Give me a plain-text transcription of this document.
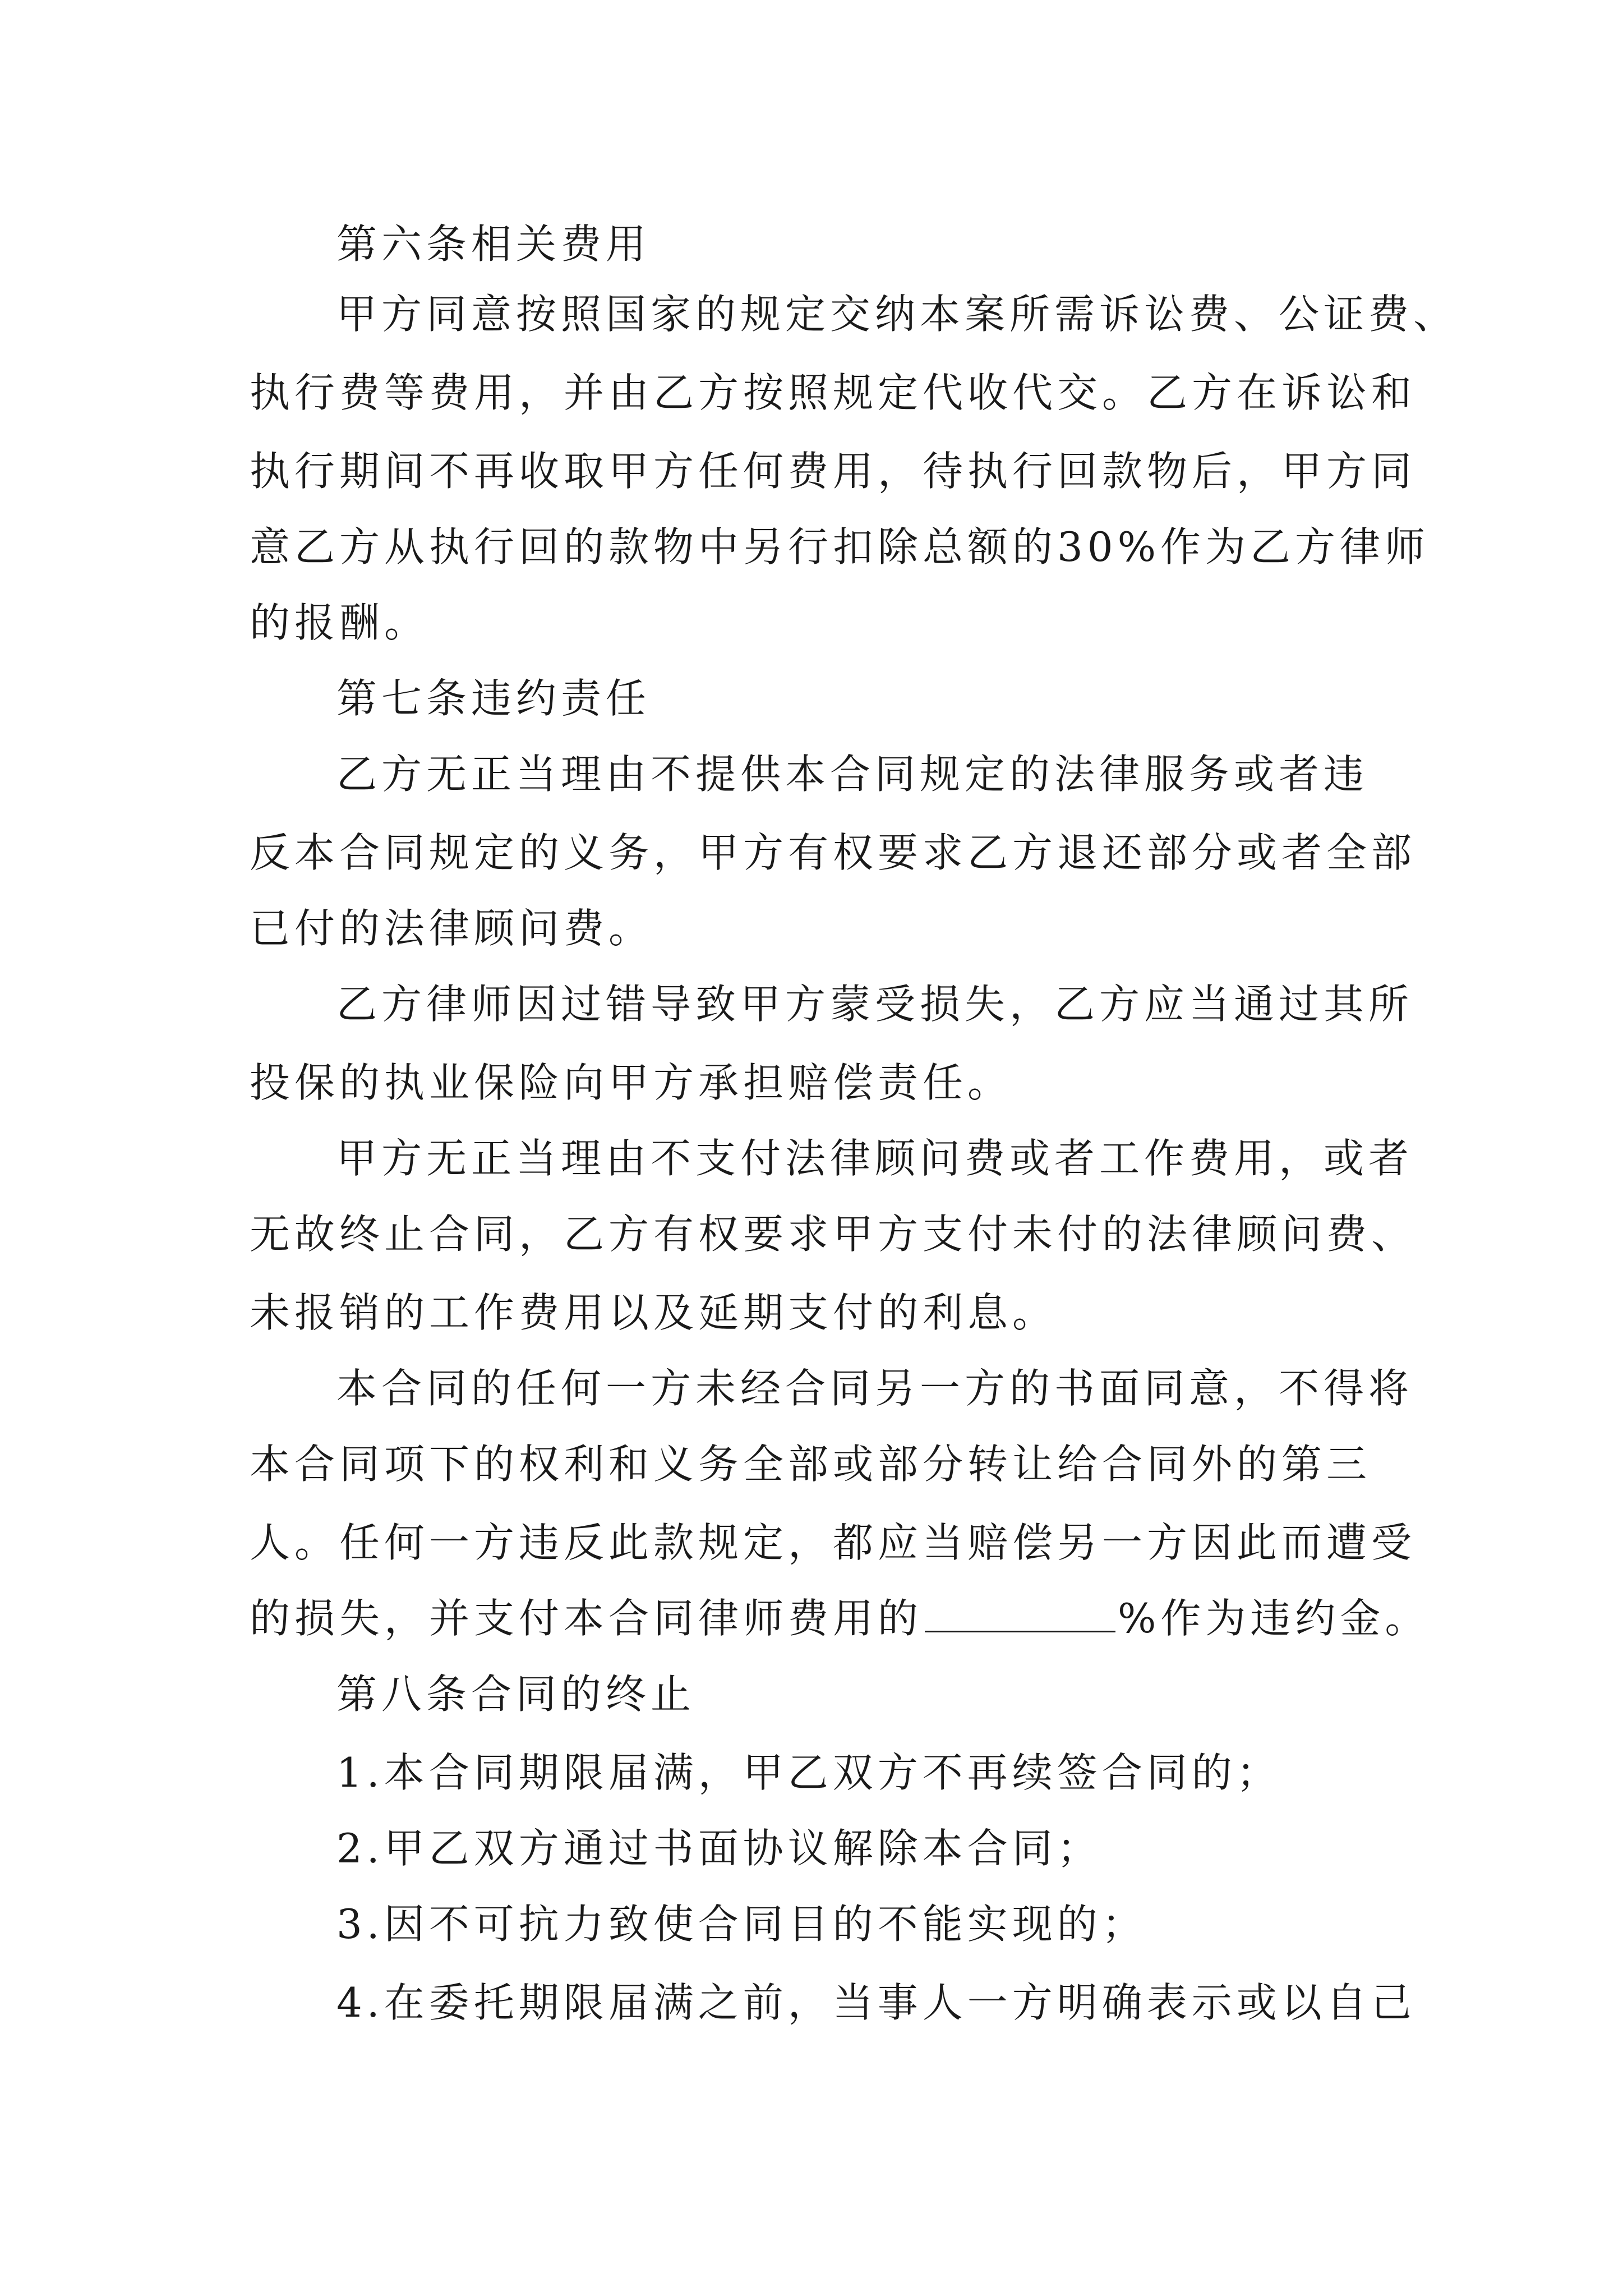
第六条相关费用
甲方同意按照国家的规定交纳本案所需诉讼费、公证费、
执行费等费用，并由乙方按照规定代收代交。乙方在诉讼和
执行期间不再收取甲方任何费用，待执行回款物后，甲方同
意乙方从执行回的款物中另行扣除总额的30%作为乙方律师
的报酬。
第七条违约责任
乙方无正当理由不提供本合同规定的法律服务或者违
反本合同规定的义务，甲方有权要求乙方退还部分或者全部
已付的法律顾问费。
乙方律师因过错导致甲方蒙受损失，乙方应当通过其所
投保的执业保险向甲方承担赔偿责任。
甲方无正当理由不支付法律顾问费或者工作费用，或者
无故终止合同，乙方有权要求甲方支付未付的法律顾问费、
未报销的工作费用以及延期支付的利息。
本合同的任何一方未经合同另一方的书面同意，不得将
本合同项下的权利和义务全部或部分转让给合同外的第三
人。任何一方违反此款规定，都应当赔偿另一方因此而遭受
的损失，并支付本合同律师费用的	%作为违约金。
第八条合同的终止
1.本合同期限届满，甲乙双方不再续签合同的；
2.甲乙双方通过书面协议解除本合同；
3.因不可抗力致使合同目的不能实现的；
4.在委托期限届满之前，当事人一方明确表示或以自己
